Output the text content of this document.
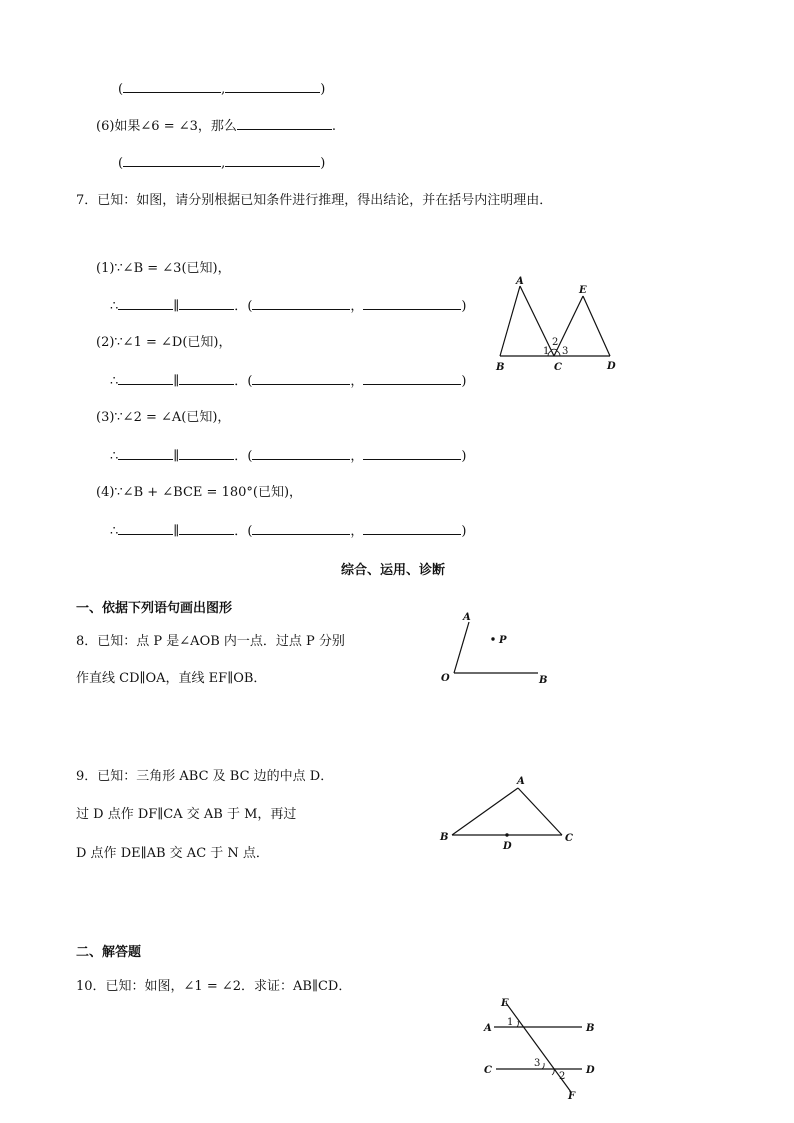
(	,	)
(6)如果∠6 = ∠3，那么	.
(	,	)
7．已知：如图，请分别根据已知条件进行推理，得出结论，并在括号内注明理由．
(1)∵∠B = ∠3(已知)，
∴	∥	．(	，	)
(2)∵∠1 = ∠D(已知)，
∴	∥	．(	，	)
(3)∵∠2 = ∠A(已知)，
∴	∥	．(	，	)
(4)∵∠B + ∠BCE = 180°(已知)，
∴	∥	．(	，	)
A
E
B	C	D
1
2
3
综合、运用、诊断
一、依据下列语句画出图形
8．已知：点 P 是∠AOB 内一点．过点 P 分别
作直线 CD∥OA，直线 EF∥OB．
A
P
O	B
9．已知：三角形 ABC 及 BC 边的中点 D．
过 D 点作 DF∥CA 交 AB 于 M，再过
D 点作 DE∥AB 交 AC 于 N 点．
A
B	C
D
二、解答题
10．已知：如图，∠1 = ∠2．求证：AB∥CD．
E
A	B
C	D
F
1
3
2
